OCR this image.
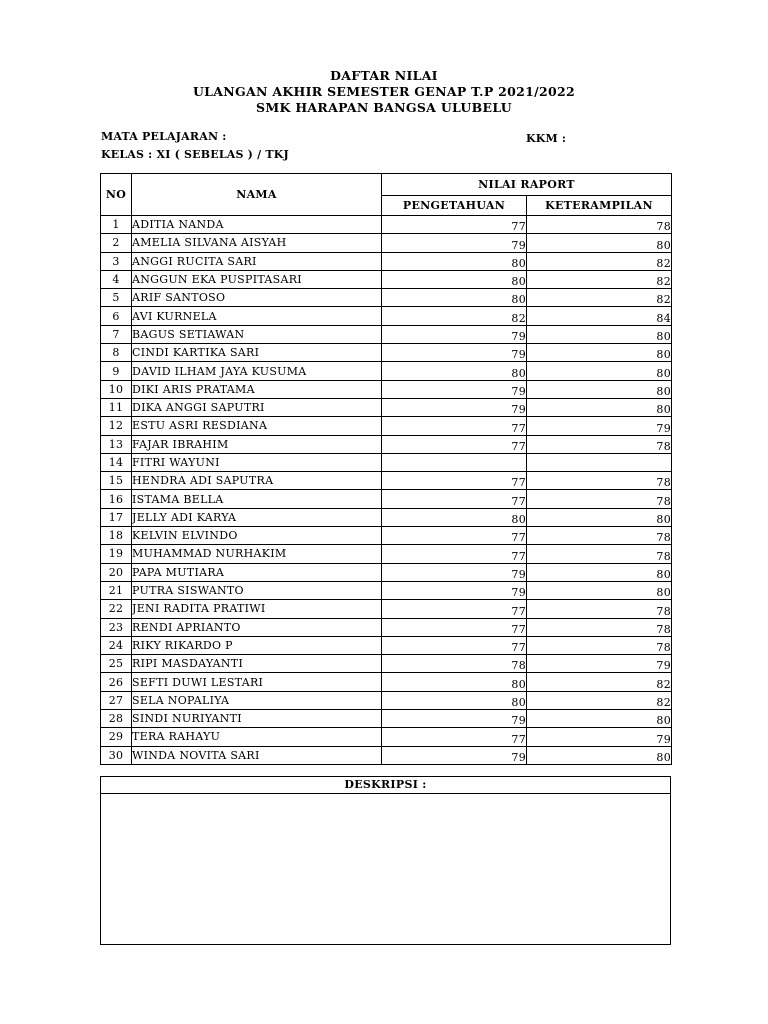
DAFTAR NILAI
ULANGAN AKHIR SEMESTER GENAP T.P 2021/2022
SMK HARAPAN BANGSA ULUBELU
MATA PELAJARAN :	KKM :
KELAS : XI ( SEBELAS ) / TKJ
NO	NAMA	NILAI RAPORT	
		PENGETAHUAN	KETERAMPILAN
1	ADITIA NANDA	77	78
2	AMELIA SILVANA AISYAH	79	80
3	ANGGI RUCITA SARI	80	82
4	ANGGUN EKA PUSPITASARI	80	82
5	ARIF SANTOSO	80	82
6	AVI KURNELA	82	84
7	BAGUS SETIAWAN	79	80
8	CINDI KARTIKA SARI	79	80
9	DAVID ILHAM JAYA KUSUMA	80	80
10	DIKI ARIS PRATAMA	79	80
11	DIKA ANGGI SAPUTRI	79	80
12	ESTU ASRI RESDIANA	77	79
13	FAJAR IBRAHIM	77	78
14	FITRI WAYUNI		
15	HENDRA ADI SAPUTRA	77	78
16	ISTAMA BELLA	77	78
17	JELLY ADI KARYA	80	80
18	KELVIN ELVINDO	77	78
19	MUHAMMAD NURHAKIM	77	78
20	PAPA MUTIARA	79	80
21	PUTRA SISWANTO	79	80
22	JENI RADITA PRATIWI	77	78
23	RENDI APRIANTO	77	78
24	RIKY RIKARDO P	77	78
25	RIPI MASDAYANTI	78	79
26	SEFTI DUWI LESTARI	80	82
27	SELA NOPALIYA	80	82
28	SINDI NURIYANTI	79	80
29	TERA RAHAYU	77	79
30	WINDA NOVITA SARI	79	80
DESKRIPSI :
